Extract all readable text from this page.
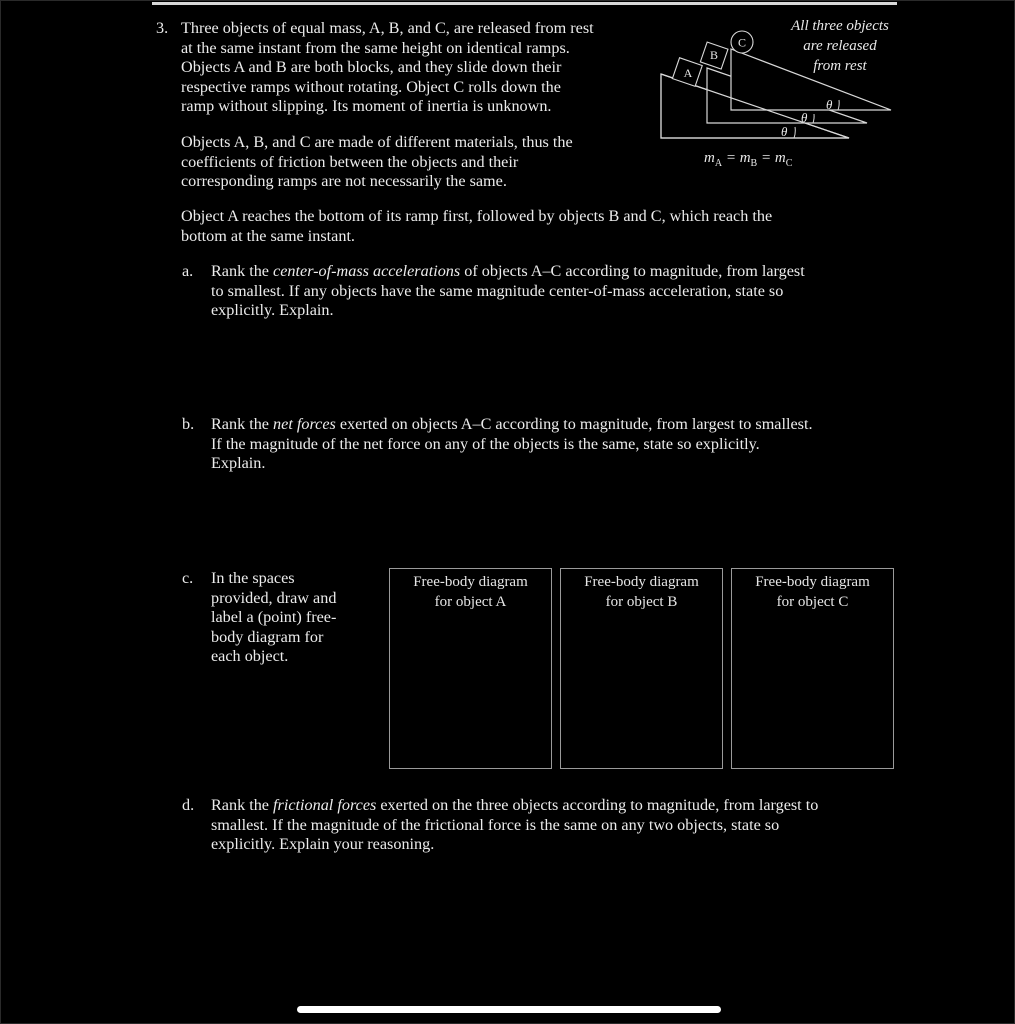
3. Three objects of equal mass, A, B, and C, are released from rest
at the same instant from the same height on identical ramps.
Objects A and B are both blocks, and they slide down their
respective ramps without rotating. Object C rolls down the
ramp without slipping. Its moment of inertia is unknown.

Objects A, B, and C are made of different materials, thus the
coefficients of friction between the objects and their
corresponding ramps are not necessarily the same.

Object A reaches the bottom of its ramp first, followed by objects B and C, which reach the
bottom at the same instant.

All three objects
are released
from rest
A
B
C
θ
θ
θ
$m_A = m_B = m_C$

a. Rank the center-of-mass accelerations of objects A–C according to magnitude, from largest
to smallest. If any objects have the same magnitude center-of-mass acceleration, state so
explicitly. Explain.

b. Rank the net forces exerted on objects A–C according to magnitude, from largest to smallest.
If the magnitude of the net force on any of the objects is the same, state so explicitly.
Explain.

c. In the spaces
provided, draw and
label a (point) free-
body diagram for
each object.

Free-body diagram
for object A
Free-body diagram
for object B
Free-body diagram
for object C

d. Rank the frictional forces exerted on the three objects according to magnitude, from largest to
smallest. If the magnitude of the frictional force is the same on any two objects, state so
explicitly. Explain your reasoning.
